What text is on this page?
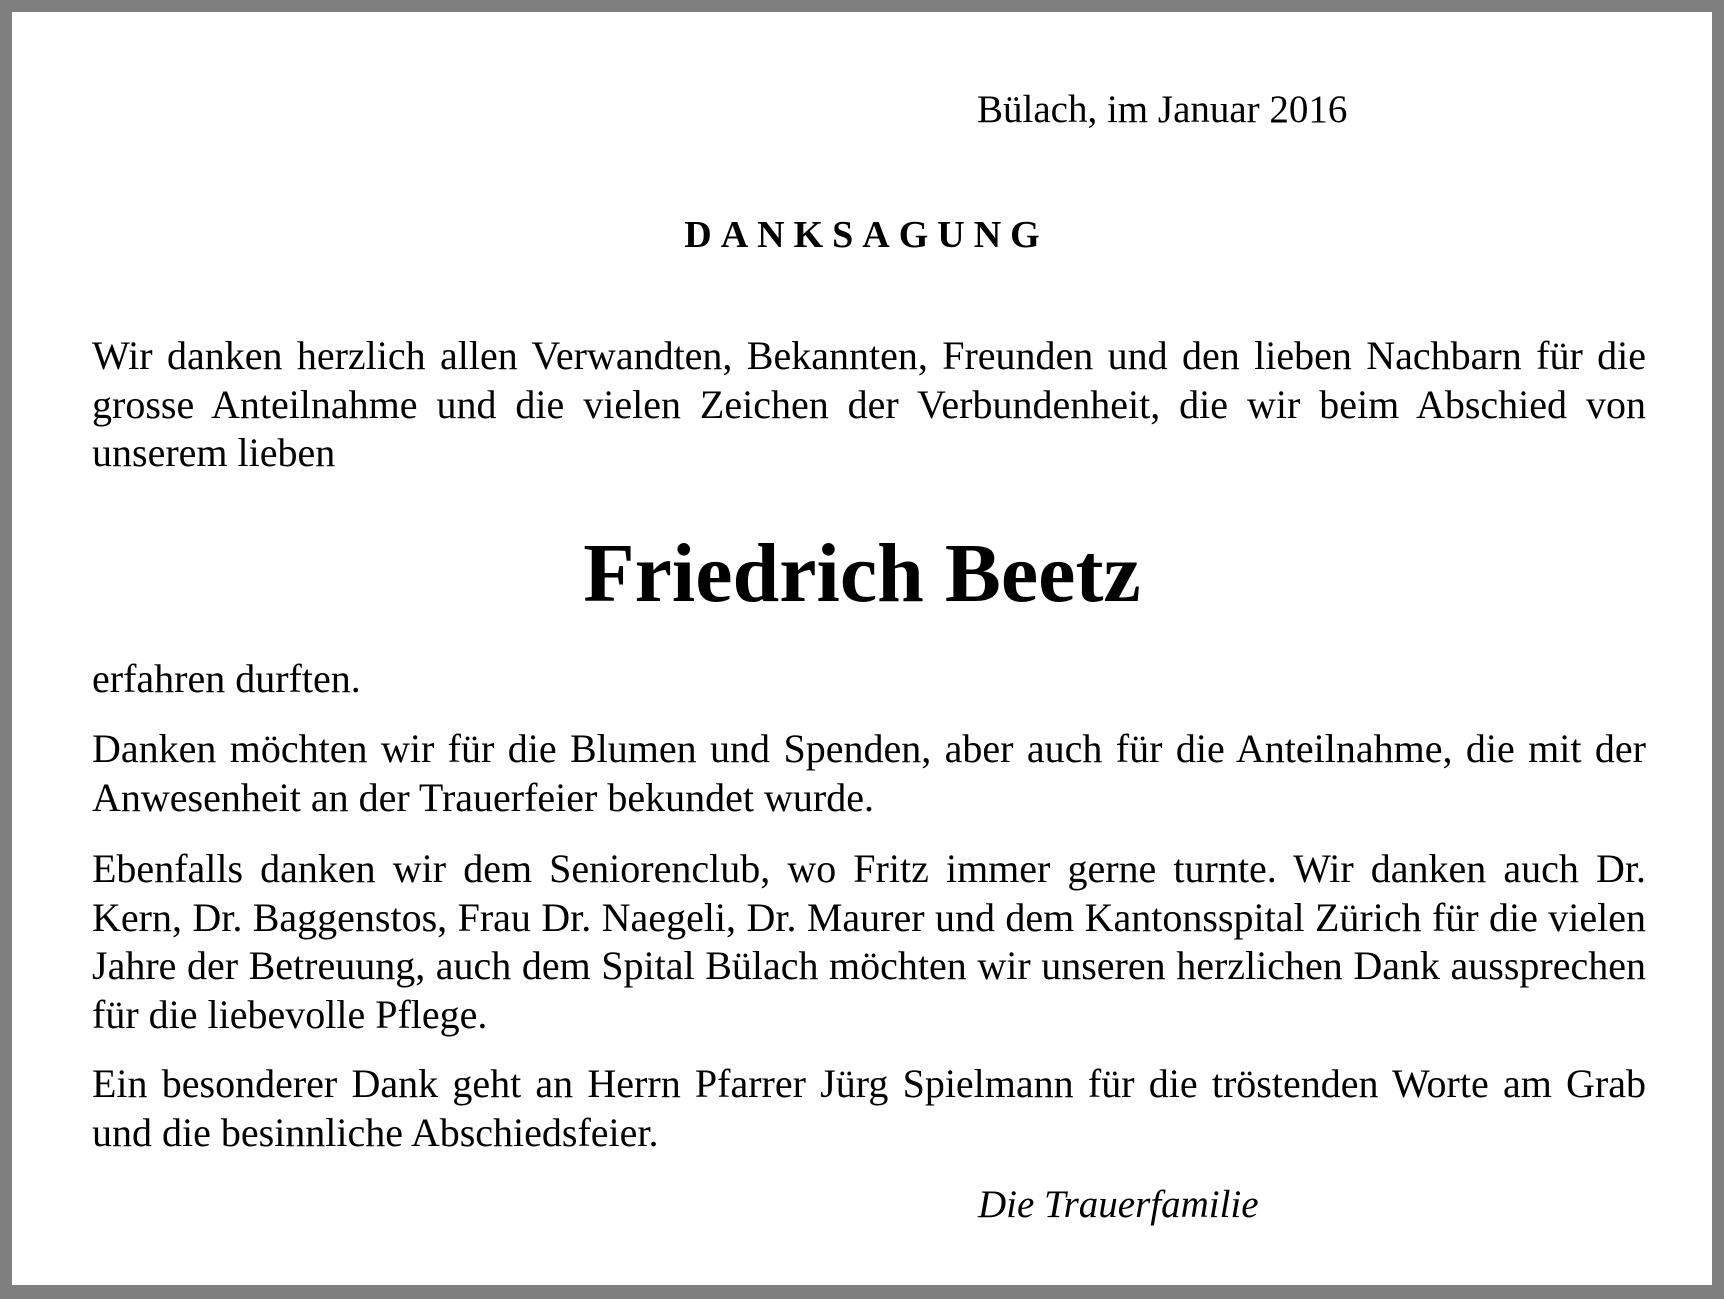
Bülach, im Januar 2016

DANKSAGUNG

Wir danken herzlich allen Verwandten, Bekannten, Freunden und den lieben Nachbarn für die grosse Anteilnahme und die vielen Zeichen der Verbundenheit, die wir beim Abschied von unserem lieben

Friedrich Beetz

erfahren durften.

Danken möchten wir für die Blumen und Spenden, aber auch für die Anteilnahme, die mit der Anwesenheit an der Trauerfeier bekundet wurde.

Ebenfalls danken wir dem Seniorenclub, wo Fritz immer gerne turnte. Wir danken auch Dr. Kern, Dr. Baggenstos, Frau Dr. Naegeli, Dr. Maurer und dem Kantonsspital Zürich für die vielen Jahre der Betreuung, auch dem Spital Bülach möchten wir unseren herzlichen Dank aussprechen für die liebevolle Pflege.

Ein besonderer Dank geht an Herrn Pfarrer Jürg Spielmann für die tröstenden Worte am Grab und die besinnliche Abschiedsfeier.

Die Trauerfamilie
